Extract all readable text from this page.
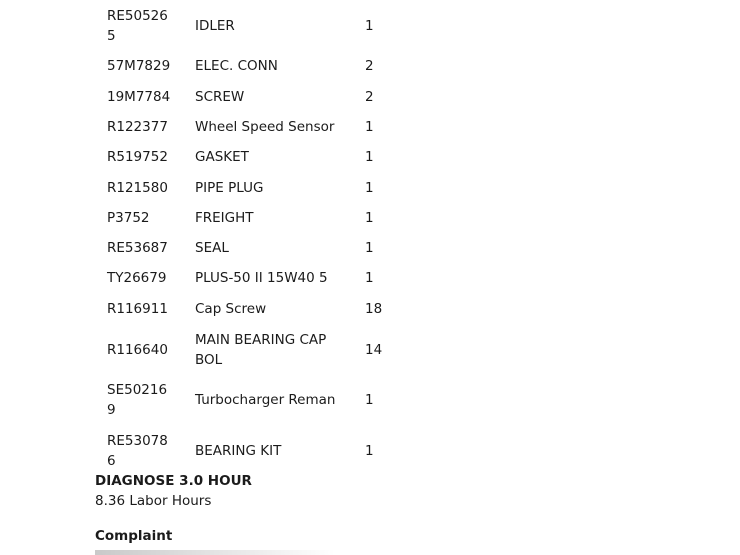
RE50526
5	IDLER	1

57M7829	ELEC. CONN	2

19M7784	SCREW	2

R122377	Wheel Speed Sensor	1

R519752	GASKET	1

R121580	PIPE PLUG	1

P3752	FREIGHT	1

RE53687	SEAL	1

TY26679	PLUS-50 II 15W40 5	1

R116911	Cap Screw	18

R116640	MAIN BEARING CAP
BOL	14

SE50216
9	Turbocharger Reman	1

RE53078
6	BEARING KIT	1
DIAGNOSE 3.0 HOUR
8.36 Labor Hours
Complaint
